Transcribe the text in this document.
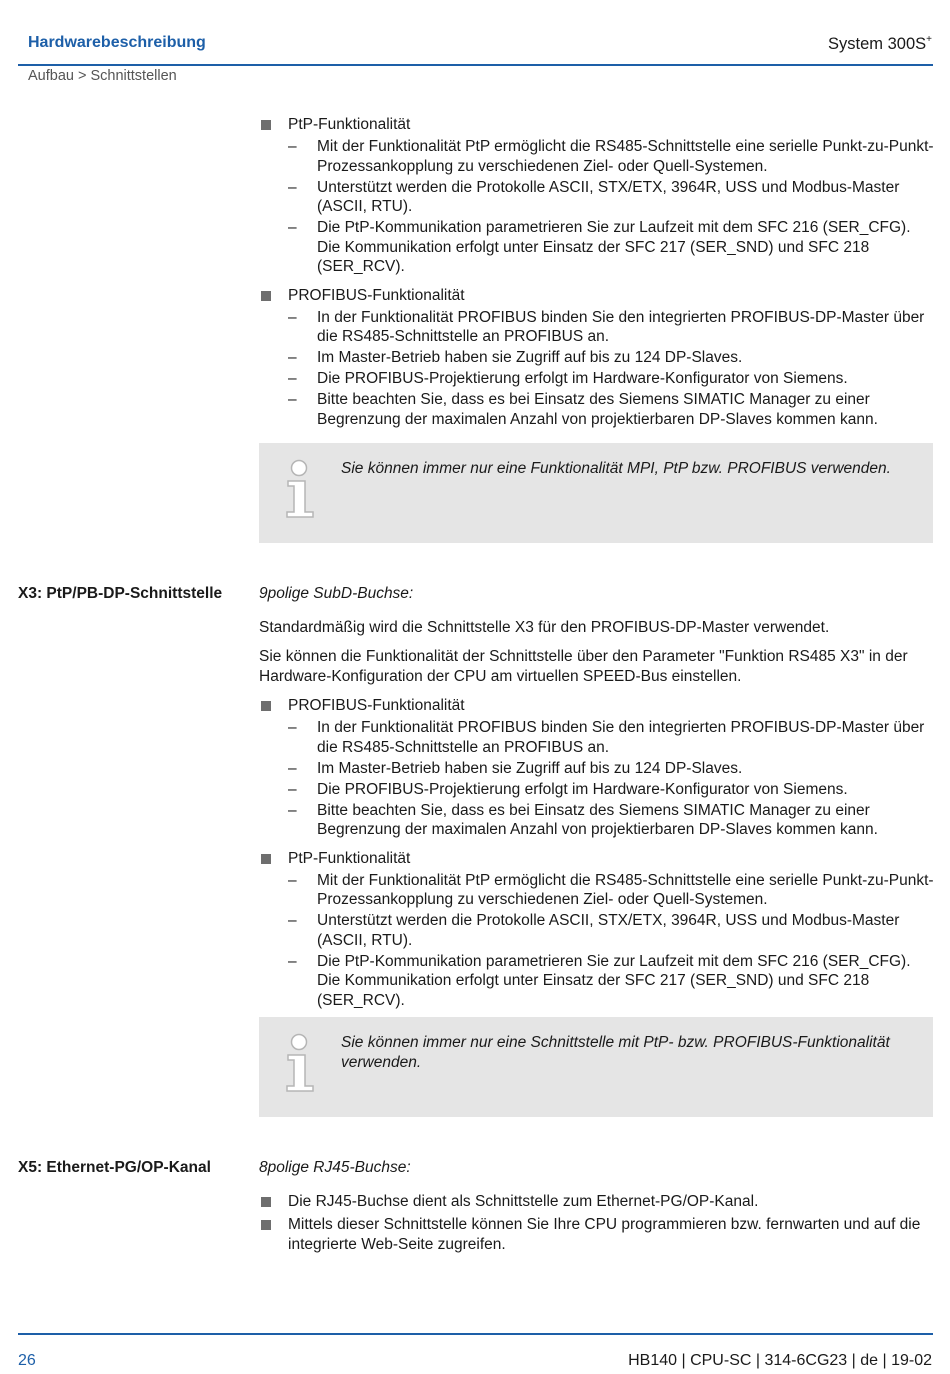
Hardwarebeschreibung	System 300S+
Aufbau > Schnittstellen
PtP-Funktionalität
– Mit der Funktionalität PtP ermöglicht die RS485-Schnittstelle eine serielle Punkt-zu-Punkt-Prozessankopplung zu verschiedenen Ziel- oder Quell-Systemen.
– Unterstützt werden die Protokolle ASCII, STX/ETX, 3964R, USS und Modbus-Master (ASCII, RTU).
– Die PtP-Kommunikation parametrieren Sie zur Laufzeit mit dem SFC 216 (SER_CFG). Die Kommunikation erfolgt unter Einsatz der SFC 217 (SER_SND) und SFC 218 (SER_RCV).
PROFIBUS-Funktionalität
– In der Funktionalität PROFIBUS binden Sie den integrierten PROFIBUS-DP-Master über die RS485-Schnittstelle an PROFIBUS an.
– Im Master-Betrieb haben sie Zugriff auf bis zu 124 DP-Slaves.
– Die PROFIBUS-Projektierung erfolgt im Hardware-Konfigurator von Siemens.
– Bitte beachten Sie, dass es bei Einsatz des Siemens SIMATIC Manager zu einer Begrenzung der maximalen Anzahl von projektierbaren DP-Slaves kommen kann.
Sie können immer nur eine Funktionalität MPI, PtP bzw. PROFIBUS verwenden.
X3: PtP/PB-DP-Schnittstelle	9polige SubD-Buchse:

Standardmäßig wird die Schnittstelle X3 für den PROFIBUS-DP-Master verwendet.

Sie können die Funktionalität der Schnittstelle über den Parameter "Funktion RS485 X3" in der Hardware-Konfiguration der CPU am virtuellen SPEED-Bus einstellen.

PROFIBUS-Funktionalität
– In der Funktionalität PROFIBUS binden Sie den integrierten PROFIBUS-DP-Master über die RS485-Schnittstelle an PROFIBUS an.
– Im Master-Betrieb haben sie Zugriff auf bis zu 124 DP-Slaves.
– Die PROFIBUS-Projektierung erfolgt im Hardware-Konfigurator von Siemens.
– Bitte beachten Sie, dass es bei Einsatz des Siemens SIMATIC Manager zu einer Begrenzung der maximalen Anzahl von projektierbaren DP-Slaves kommen kann.
PtP-Funktionalität
– Mit der Funktionalität PtP ermöglicht die RS485-Schnittstelle eine serielle Punkt-zu-Punkt-Prozessankopplung zu verschiedenen Ziel- oder Quell-Systemen.
– Unterstützt werden die Protokolle ASCII, STX/ETX, 3964R, USS und Modbus-Master (ASCII, RTU).
– Die PtP-Kommunikation parametrieren Sie zur Laufzeit mit dem SFC 216 (SER_CFG). Die Kommunikation erfolgt unter Einsatz der SFC 217 (SER_SND) und SFC 218 (SER_RCV).
Sie können immer nur eine Schnittstelle mit PtP- bzw. PROFIBUS-Funktionalität verwenden.
X5: Ethernet-PG/OP-Kanal	8polige RJ45-Buchse:

Die RJ45-Buchse dient als Schnittstelle zum Ethernet-PG/OP-Kanal.
Mittels dieser Schnittstelle können Sie Ihre CPU programmieren bzw. fernwarten und auf die integrierte Web-Seite zugreifen.
26	HB140 | CPU-SC | 314-6CG23 | de | 19-02
